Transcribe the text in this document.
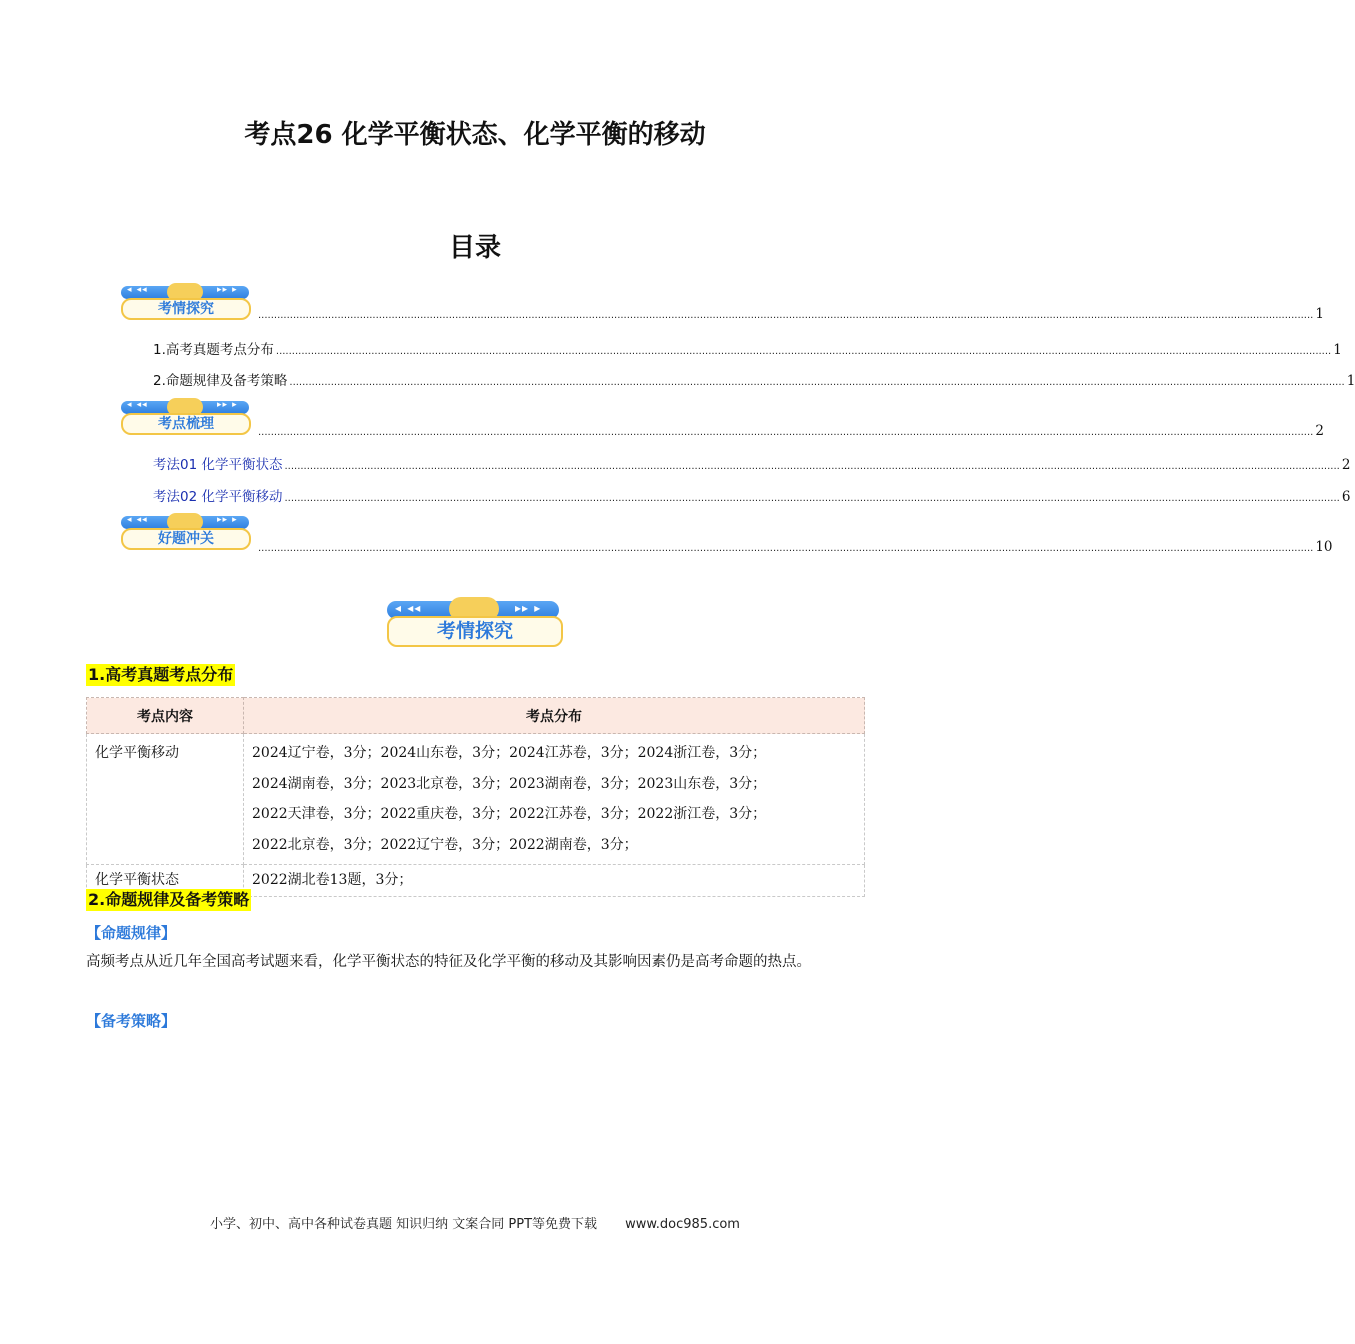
考点26 化学平衡状态、化学平衡的移动
目录
◂ ◂◂	▸▸ ▸
考情探究	............................................................................................................................................................................................................................................................................................................................................ 1
1.高考真题考点分布 ............................................................................................................................................................................................................................................................................................................................................ 1
2.命题规律及备考策略 ............................................................................................................................................................................................................................................................................................................................................ 1
◂ ◂◂	▸▸ ▸
考点梳理
............................................................................................................................................................................................................................................................................................................................................ 2
考法01 化学平衡状态 ............................................................................................................................................................................................................................................................................................................................................ 2
考法02 化学平衡移动 ............................................................................................................................................................................................................................................................................................................................................ 6
◂ ◂◂	▸▸ ▸
好题冲关
............................................................................................................................................................................................................................................................................................................................................ 10
◂ ◂◂	▸▸ ▸
考情探究
1.高考真题考点分布
考点内容	考点分布
化学平衡移动	2024辽宁卷，3分；2024山东卷，3分；2024江苏卷，3分；2024浙江卷，3分；
2024湖南卷，3分；2023北京卷，3分；2023湖南卷，3分；2023山东卷，3分；
2022天津卷，3分；2022重庆卷，3分；2022江苏卷，3分；2022浙江卷，3分；
2022北京卷，3分；2022辽宁卷，3分；2022湖南卷，3分；

化学平衡状态	2022湖北卷13题，3分；
2.命题规律及备考策略
【命题规律】
高频考点从近几年全国高考试题来看，化学平衡状态的特征及化学平衡的移动及其影响因素仍是高考命题的热点。
【备考策略】
小学、初中、高中各种试卷真题 知识归纳 文案合同 PPT等免费下载 www.doc985.com
